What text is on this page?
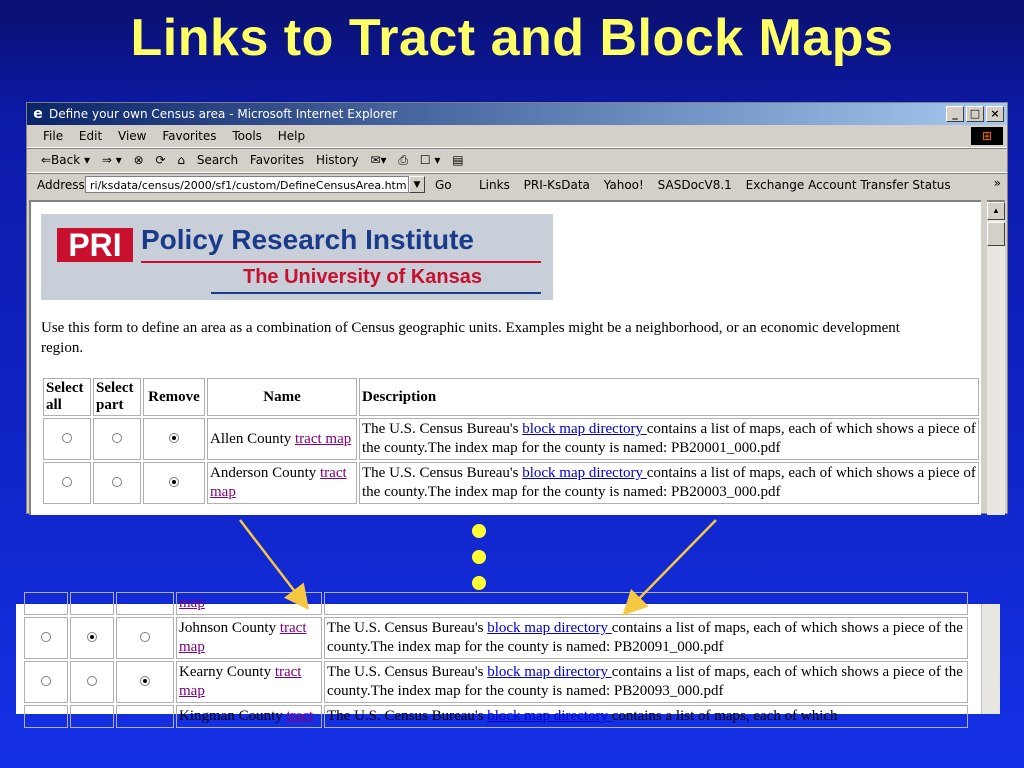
Links to Tract and Block Maps
e Define your own Census area - Microsoft Internet Explorer	_	□ ×
File Edit View Favorites Tools Help	⊞
⇐Back ▾ ⇒ ▾ ⊗ ⟳ ⌂ Search Favorites History ✉▾ ⎙ ☐ ▾ ▤
Address ri/ksdata/census/2000/sf1/custom/DefineCensusArea.htm ▼	Go Links PRI-KsData Yahoo! SASDocV8.1 Exchange Account Transfer Status	»
PRI Policy Research Institute
The University of Kansas
Use this form to define an area as a combination of Census geographic units. Examples might be a neighborhood, or an economic development region.
Select all	Select part	Remove	Name	Description
			Allen County tract map	The U.S. Census Bureau's block map directory contains a list of maps, each of which shows a piece of the county.The index map for the county is named: PB20001_000.pdf
			Anderson County tract map	The U.S. Census Bureau's block map directory contains a list of maps, each of which shows a piece of the county.The index map for the county is named: PB20003_000.pdf
▲
			map	
			Johnson County tract map	The U.S. Census Bureau's block map directory contains a list of maps, each of which shows a piece of the county.The index map for the county is named: PB20091_000.pdf
			Kearny County tract map	The U.S. Census Bureau's block map directory contains a list of maps, each of which shows a piece of the county.The index map for the county is named: PB20093_000.pdf
			Kingman County tract	The U.S. Census Bureau's block map directory contains a list of maps, each of which
